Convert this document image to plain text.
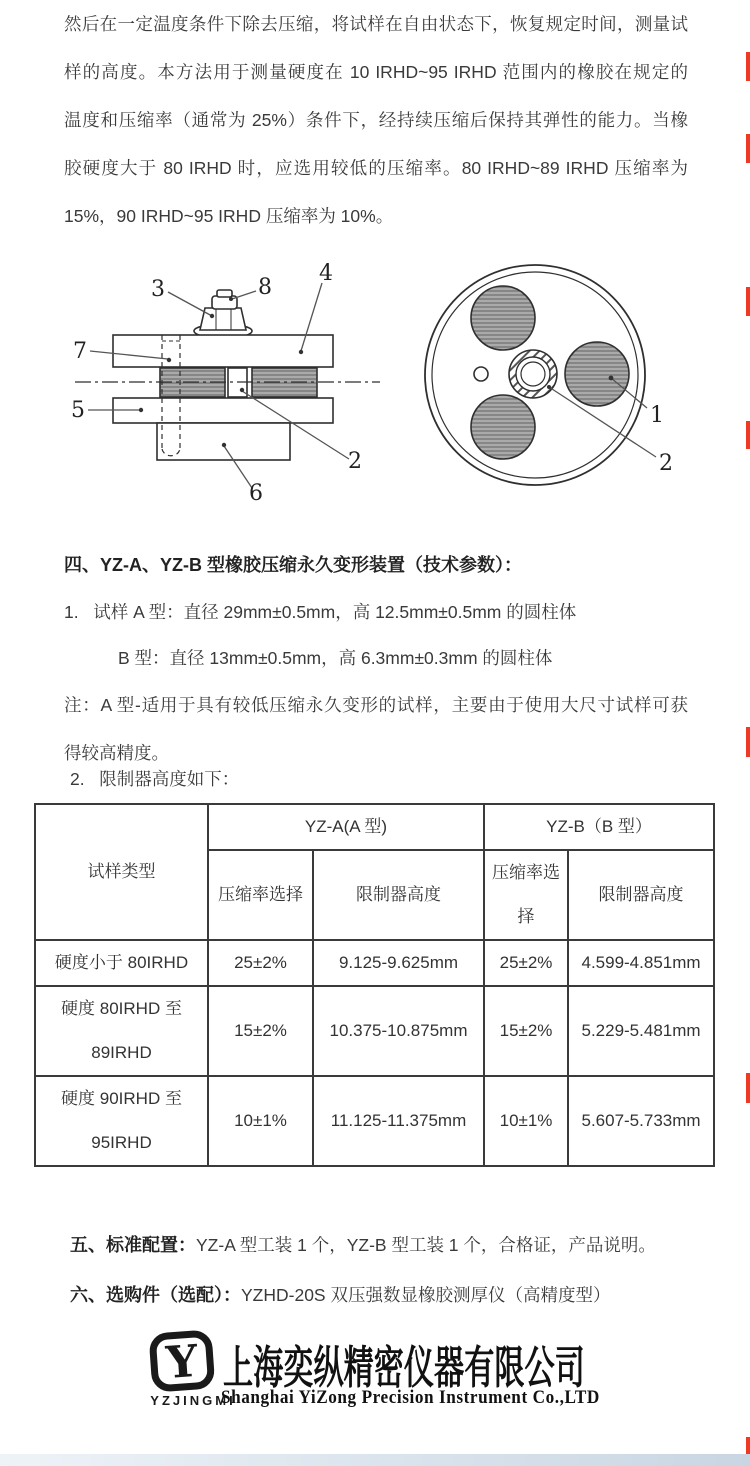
然后在一定温度条件下除去压缩，将试样在自由状态下，恢复规定时间，测量试
样的高度。本方法用于测量硬度在 10 IRHD~95 IRHD 范围内的橡胶在规定的
温度和压缩率（通常为 25%）条件下，经持续压缩后保持其弹性的能力。当橡
胶硬度大于 80 IRHD 时，应选用较低的压缩率。80 IRHD~89 IRHD 压缩率为
15%，90 IRHD~95 IRHD 压缩率为 10%。
3	8
4
7
5
2
6
1
2
四、YZ-A、YZ-B 型橡胶压缩永久变形装置（技术参数）：
1. 试样 A 型：直径 29mm±0.5mm，高 12.5mm±0.5mm 的圆柱体
B 型：直径 13mm±0.5mm，高 6.3mm±0.3mm 的圆柱体
注：A 型-适用于具有较低压缩永久变形的试样，主要由于使用大尺寸试样可获
得较高精度。
2. 限制器高度如下：
试样类型	YZ-A(A 型)		YZ-B（B 型）	
	压缩率选择	限制器高度	压缩率选择	限制器高度
硬度小于 80IRHD	25±2%	9.125-9.625mm	25±2%	4.599-4.851mm
硬度 80IRHD 至 89IRHD	15±2%	10.375-10.875mm	15±2%	5.229-5.481mm
硬度 90IRHD 至 95IRHD	10±1%	11.125-11.375mm	10±1%	5.607-5.733mm
五、标准配置：YZ-A 型工装 1 个，YZ-B 型工装 1 个，合格证，产品说明。
六、选购件（选配）：YZHD-20S 双压强数显橡胶测厚仪（高精度型）
Y
YZJINGMI
上海奕纵精密仪器有限公司
Shanghai YiZong Precision Instrument Co.,LTD
